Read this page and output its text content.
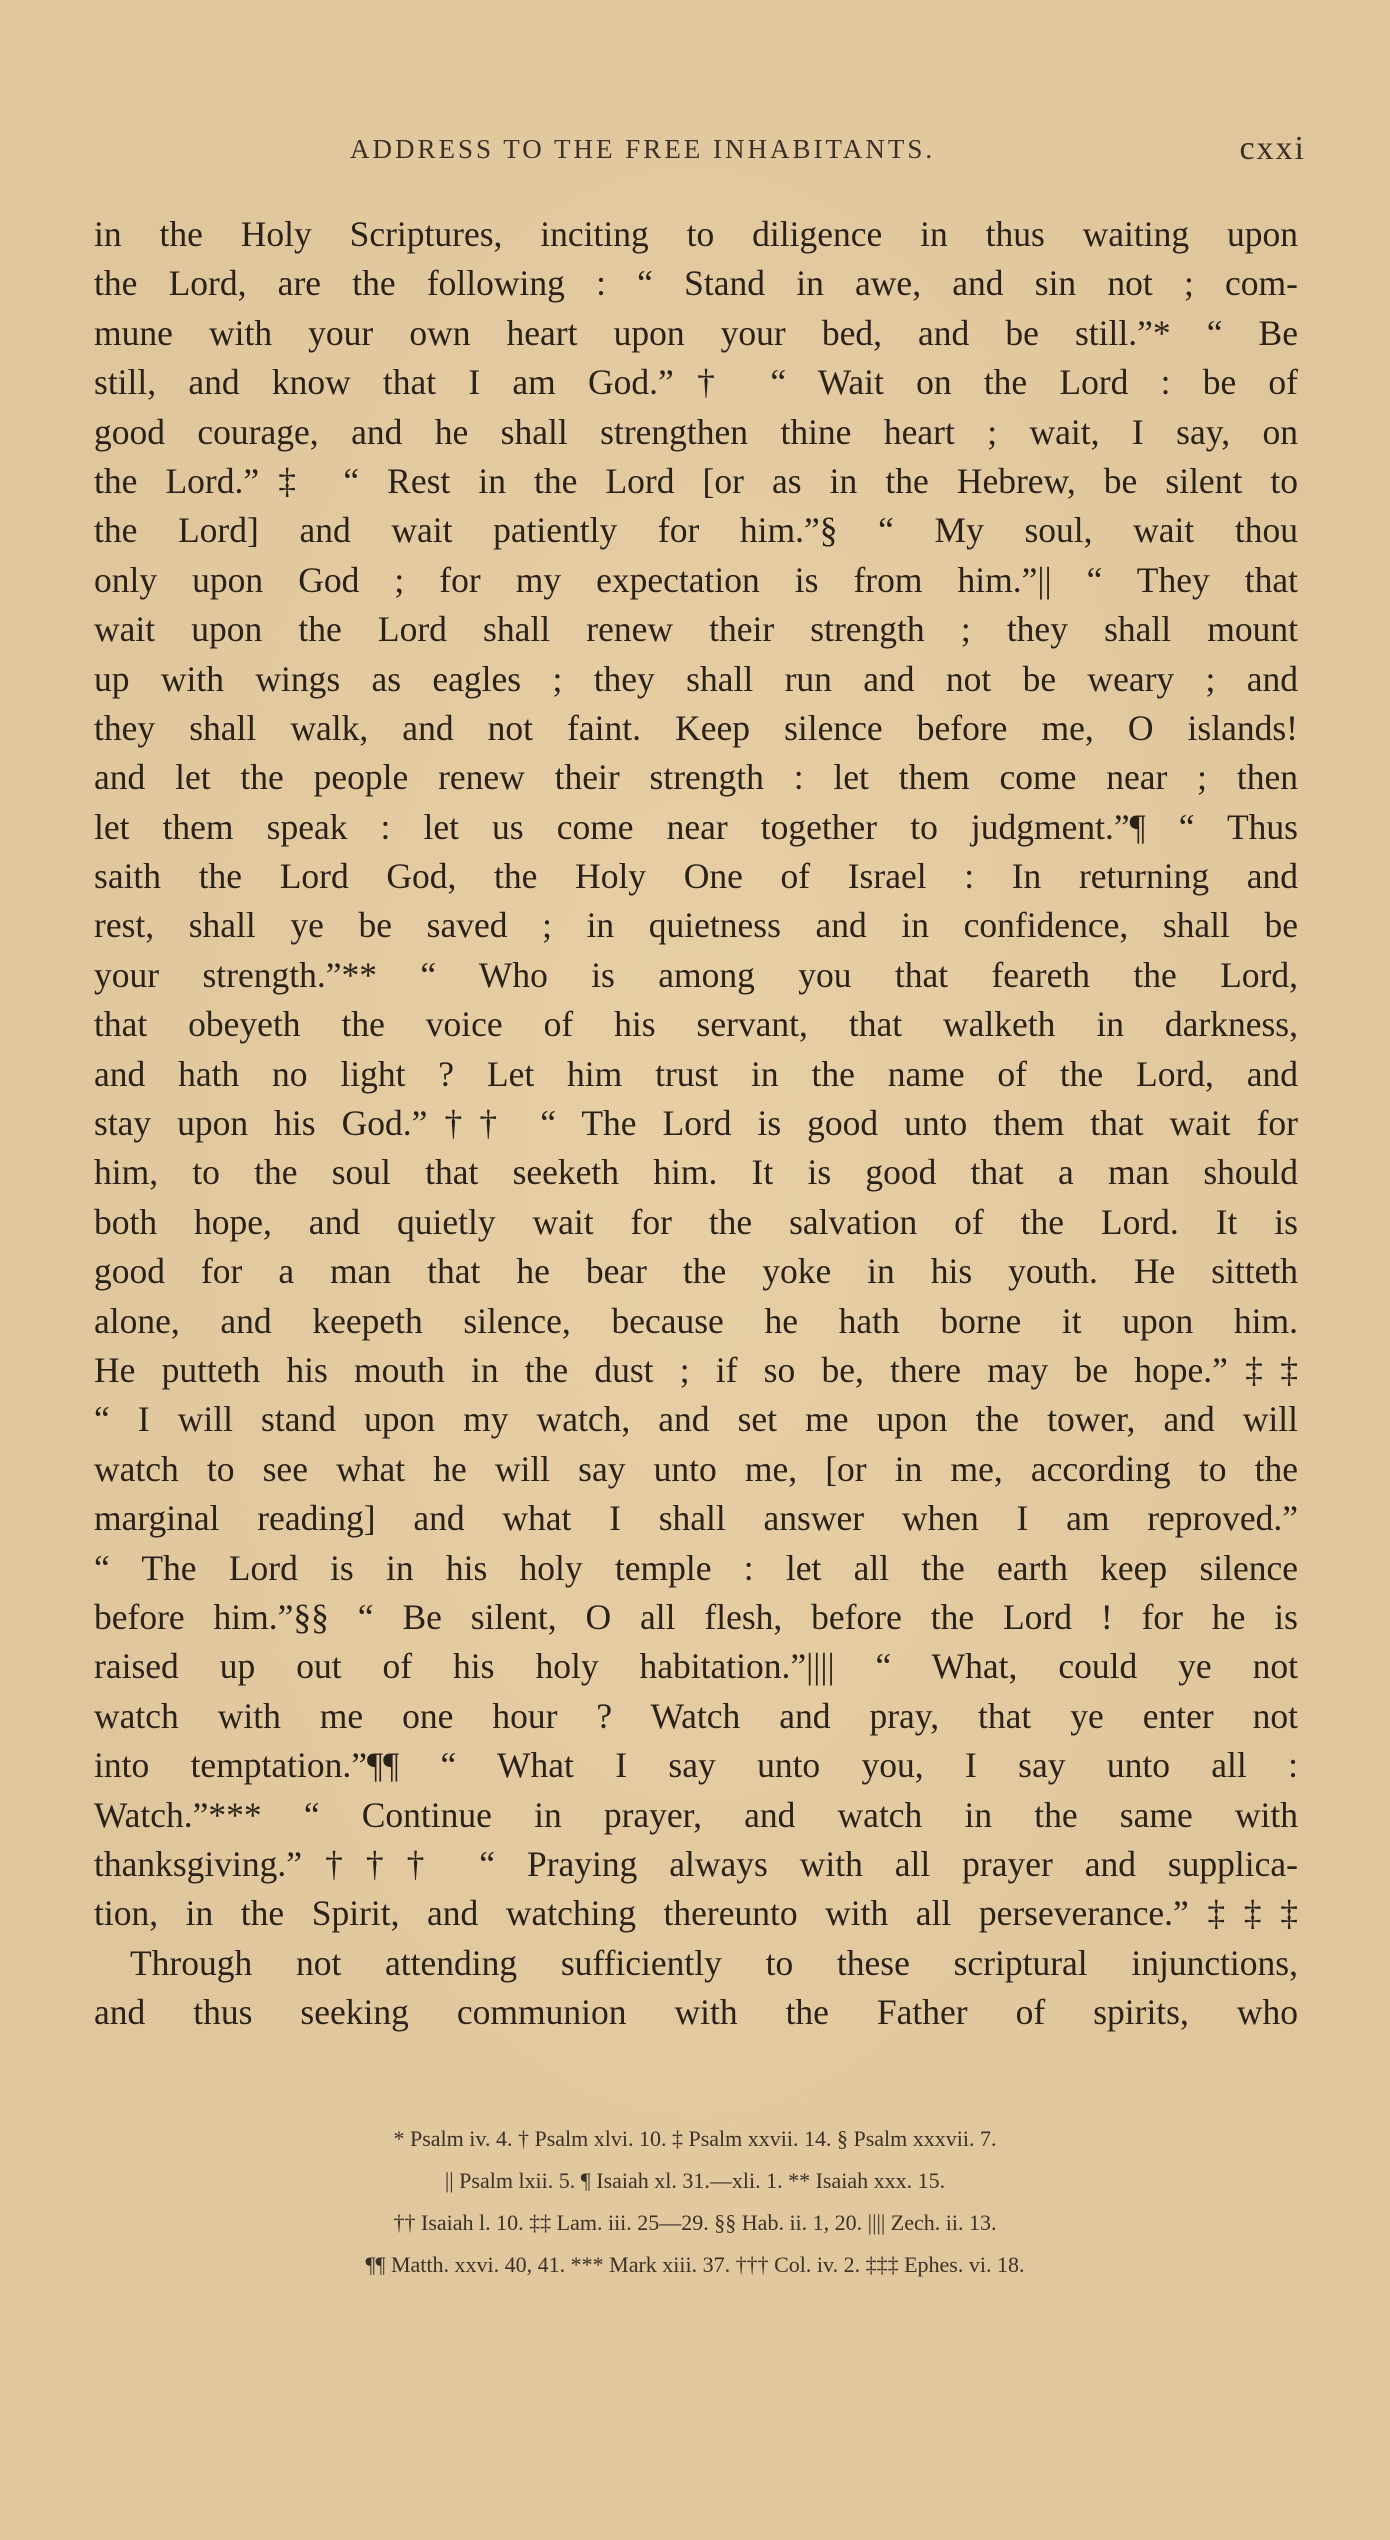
ADDRESS TO THE FREE INHABITANTS.	cxxi
in the Holy Scriptures, inciting to diligence in thus waiting upon
the Lord, are the following : “ Stand in awe, and sin not ; com-
mune with your own heart upon your bed, and be still.”* “ Be
still, and know that I am God.”† “ Wait on the Lord : be of
good courage, and he shall strengthen thine heart ; wait, I say, on
the Lord.”‡ “ Rest in the Lord [or as in the Hebrew, be silent to
the Lord] and wait patiently for him.”§ “ My soul, wait thou
only upon God ; for my expectation is from him.”|| “ They that
wait upon the Lord shall renew their strength ; they shall mount
up with wings as eagles ; they shall run and not be weary ; and
they shall walk, and not faint. Keep silence before me, O islands!
and let the people renew their strength : let them come near ; then
let them speak : let us come near together to judgment.”¶ “ Thus
saith the Lord God, the Holy One of Israel : In returning and
rest, shall ye be saved ; in quietness and in confidence, shall be
your strength.”** “ Who is among you that feareth the Lord,
that obeyeth the voice of his servant, that walketh in darkness,
and hath no light ? Let him trust in the name of the Lord, and
stay upon his God.”†† “ The Lord is good unto them that wait for
him, to the soul that seeketh him. It is good that a man should
both hope, and quietly wait for the salvation of the Lord. It is
good for a man that he bear the yoke in his youth. He sitteth
alone, and keepeth silence, because he hath borne it upon him.
He putteth his mouth in the dust ; if so be, there may be hope.”‡‡
“ I will stand upon my watch, and set me upon the tower, and will
watch to see what he will say unto me, [or in me, according to the
marginal reading] and what I shall answer when I am reproved.”
“ The Lord is in his holy temple : let all the earth keep silence
before him.”§§ “ Be silent, O all flesh, before the Lord ! for he is
raised up out of his holy habitation.”|||| “ What, could ye not
watch with me one hour ? Watch and pray, that ye enter not
into temptation.”¶¶ “ What I say unto you, I say unto all :
Watch.”*** “ Continue in prayer, and watch in the same with
thanksgiving.”††† “ Praying always with all prayer and supplica-
tion, in the Spirit, and watching thereunto with all perseverance.”‡‡‡
Through not attending sufficiently to these scriptural injunctions,
and thus seeking communion with the Father of spirits, who
* Psalm iv. 4. † Psalm xlvi. 10. ‡ Psalm xxvii. 14. § Psalm xxxvii. 7.
|| Psalm lxii. 5. ¶ Isaiah xl. 31.—xli. 1. ** Isaiah xxx. 15.
†† Isaiah l. 10. ‡‡ Lam. iii. 25—29. §§ Hab. ii. 1, 20. |||| Zech. ii. 13.
¶¶ Matth. xxvi. 40, 41. *** Mark xiii. 37. ††† Col. iv. 2. ‡‡‡ Ephes. vi. 18.
